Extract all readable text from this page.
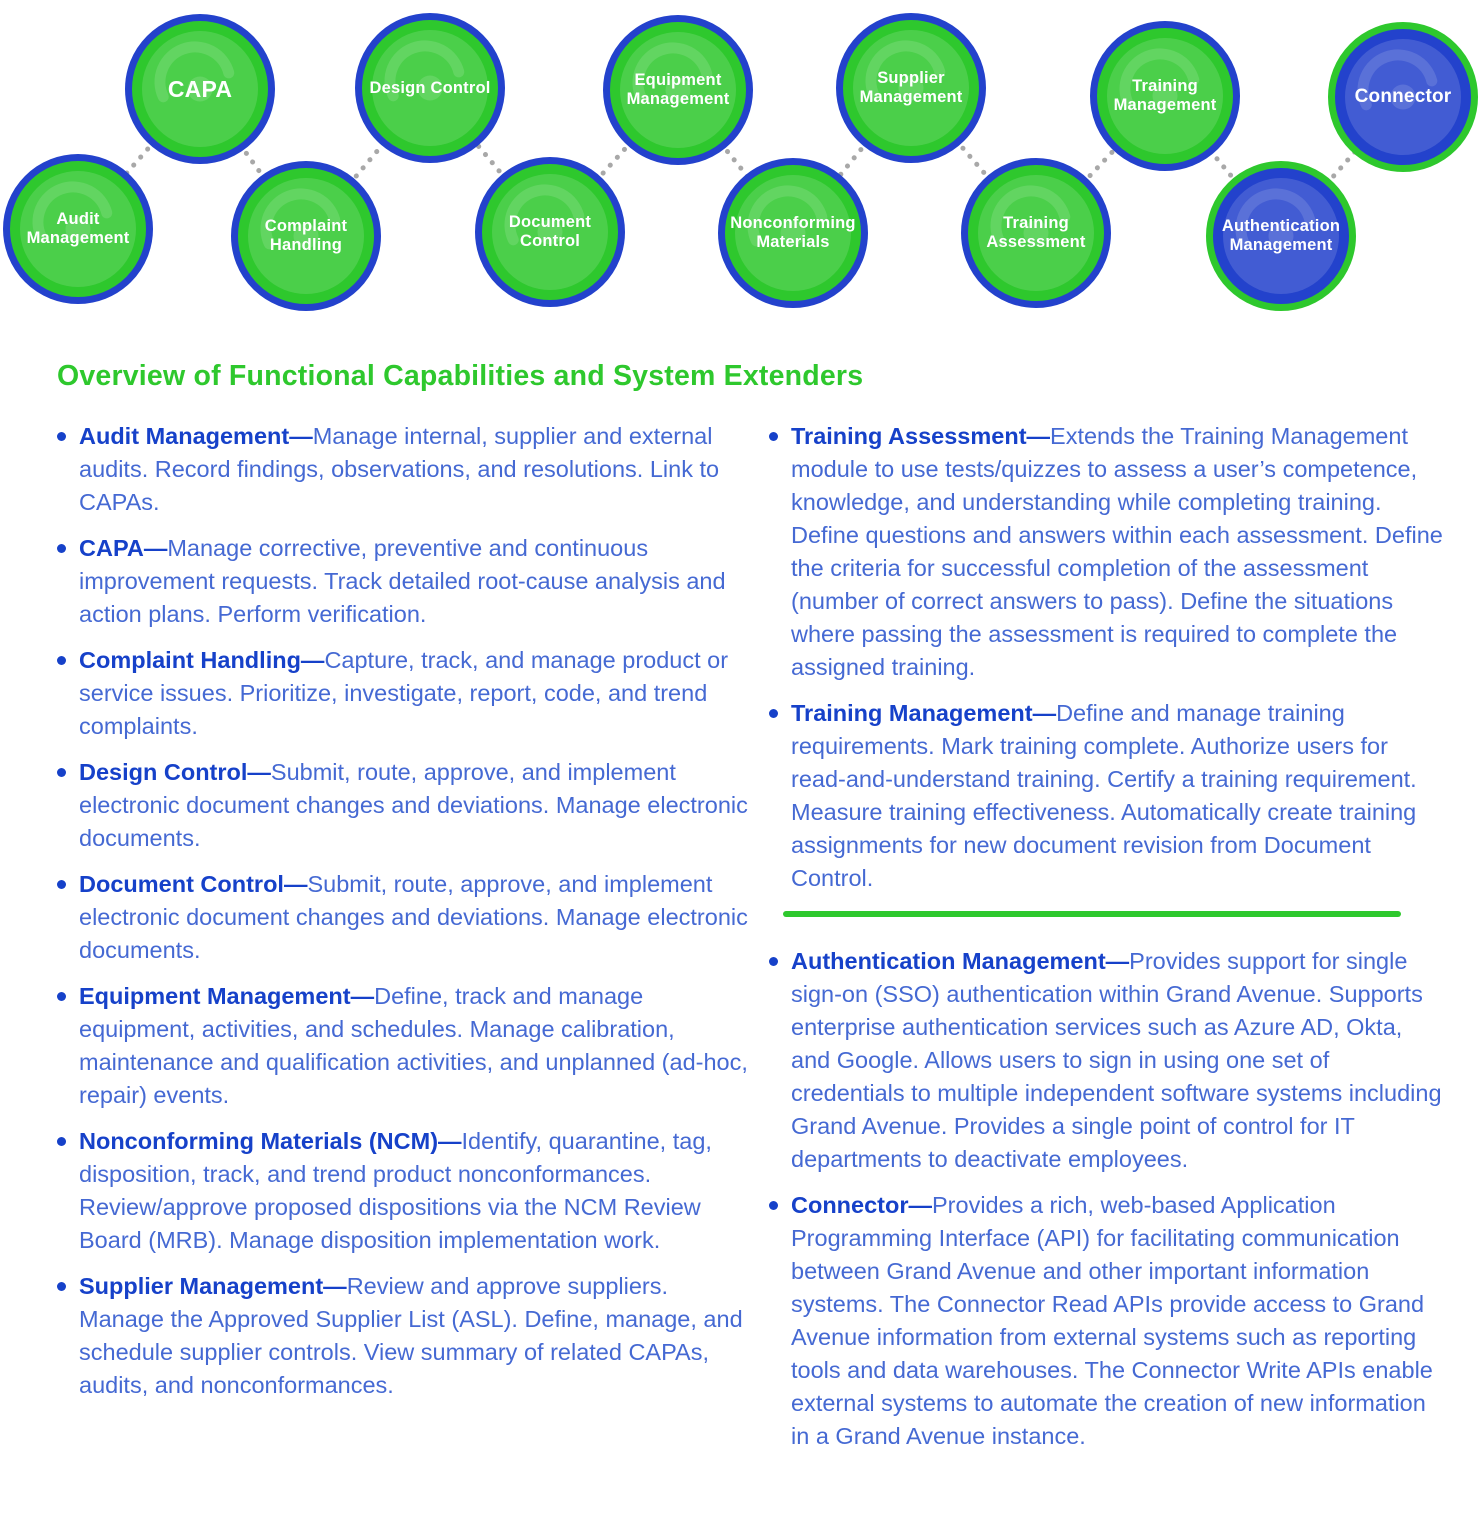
Audit Management
CAPA
Complaint Handling
Design Control
Document Control
Equipment Management
Nonconforming Materials
Supplier Management
Training Assessment
Training Management
Authentication Management
Connector
Overview of Functional Capabilities and System Extenders
Audit Management—Manage internal, supplier and external audits. Record findings, observations, and resolutions. Link to CAPAs.
CAPA—Manage corrective, preventive and continuous improvement requests. Track detailed root-cause analysis and action plans. Perform verification.
Complaint Handling—Capture, track, and manage product or service issues. Prioritize, investigate, report, code, and trend complaints.
Design Control—Submit, route, approve, and implement electronic document changes and deviations. Manage electronic documents.
Document Control—Submit, route, approve, and implement electronic document changes and deviations. Manage electronic documents.
Equipment Management—Define, track and manage equipment, activities, and schedules. Manage calibration, maintenance and qualification activities, and unplanned (ad-hoc, repair) events.
Nonconforming Materials (NCM)—Identify, quarantine, tag, disposition, track, and trend product nonconformances. Review/approve proposed dispositions via the NCM Review Board (MRB). Manage disposition implementation work.
Supplier Management—Review and approve suppliers. Manage the Approved Supplier List (ASL). Define, manage, and schedule supplier controls. View summary of related CAPAs, audits, and nonconformances.
Training Assessment—Extends the Training Management module to use tests/quizzes to assess a user’s competence, knowledge, and understanding while completing training. Define questions and answers within each assessment. Define the criteria for successful completion of the assessment (number of correct answers to pass). Define the situations where passing the assessment is required to complete the assigned training.
Training Management—Define and manage training requirements. Mark training complete. Authorize users for read-and-understand training. Certify a training requirement. Measure training effectiveness. Automatically create training assignments for new document revision from Document Control.
Authentication Management—Provides support for single sign-on (SSO) authentication within Grand Avenue. Supports enterprise authentication services such as Azure AD, Okta, and Google. Allows users to sign in using one set of credentials to multiple independent software systems including Grand Avenue. Provides a single point of control for IT departments to deactivate employees.
Connector—Provides a rich, web-based Application Programming Interface (API) for facilitating communication between Grand Avenue and other important information systems. The Connector Read APIs provide access to Grand Avenue information from external systems such as reporting tools and data warehouses. The Connector Write APIs enable external systems to automate the creation of new information in a Grand Avenue instance.
